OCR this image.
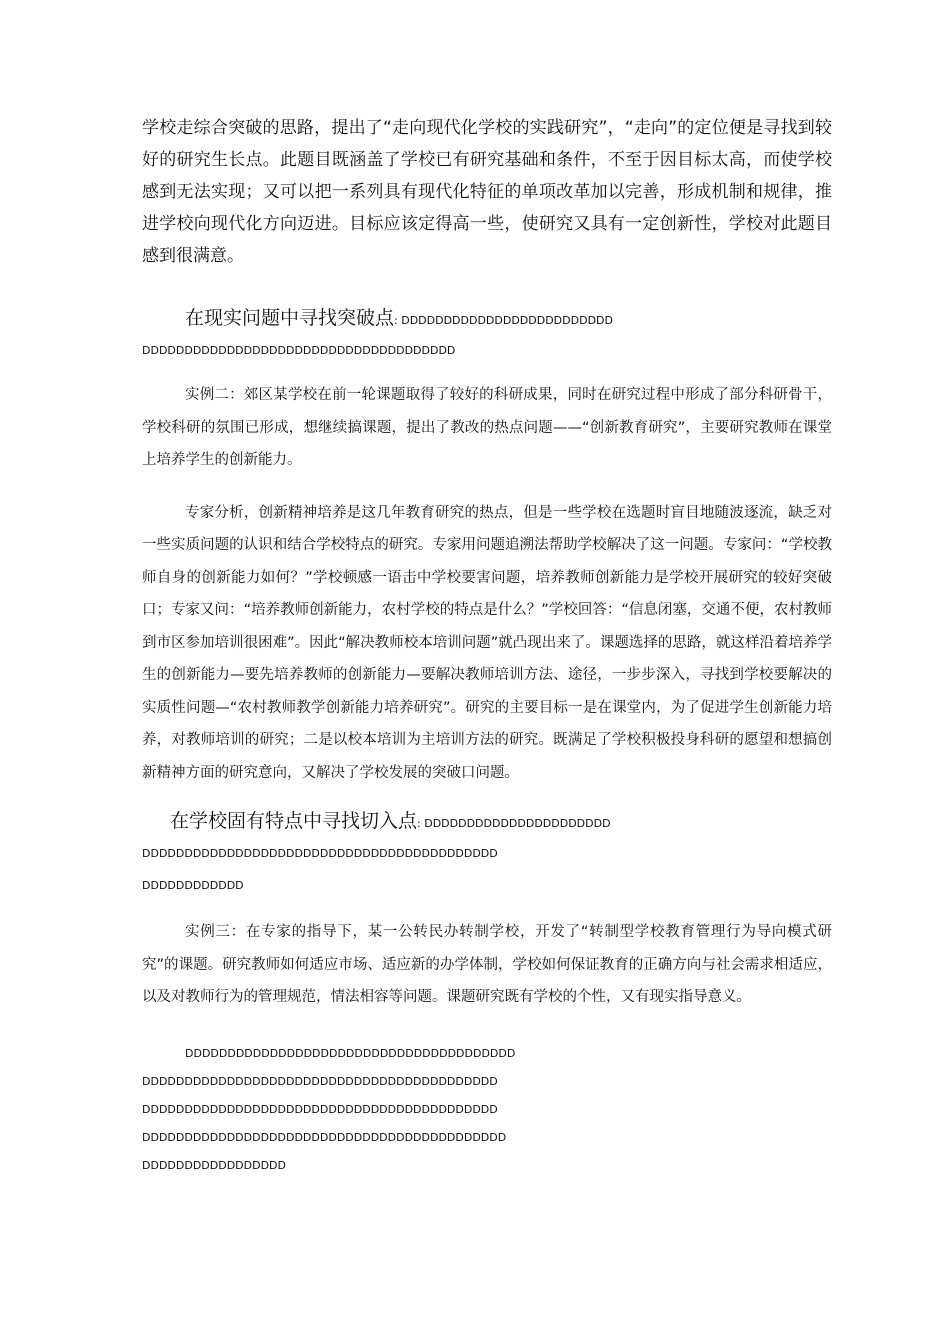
学校走综合突破的思路，提出了“走向现代化学校的实践研究”，“走向”的定位便是寻找到较好的研究生长点。此题目既涵盖了学校已有研究基础和条件，不至于因目标太高，而使学校感到无法实现；又可以把一系列具有现代化特征的单项改革加以完善，形成机制和规律，推进学校向现代化方向迈进。目标应该定得高一些，使研究又具有一定创新性，学校对此题目感到很满意。

在现实问题中寻找突破点: DDDDDDDDDDDDDDDDDDDDDDDDD

DDDDDDDDDDDDDDDDDDDDDDDDDDDDDDDDDDDDD

实例二：郊区某学校在前一轮课题取得了较好的科研成果，同时在研究过程中形成了部分科研骨干，学校科研的氛围已形成，想继续搞课题，提出了教改的热点问题——“创新教育研究”，主要研究教师在课堂上培养学生的创新能力。

专家分析，创新精神培养是这几年教育研究的热点，但是一些学校在选题时盲目地随波逐流，缺乏对一些实质问题的认识和结合学校特点的研究。专家用问题追溯法帮助学校解决了这一问题。专家问：“学校教师自身的创新能力如何？”学校顿感一语击中学校要害问题，培养教师创新能力是学校开展研究的较好突破口；专家又问：“培养教师创新能力，农村学校的特点是什么？”学校回答：“信息闭塞，交通不便，农村教师到市区参加培训很困难”。因此“解决教师校本培训问题”就凸现出来了。课题选择的思路，就这样沿着培养学生的创新能力—要先培养教师的创新能力—要解决教师培训方法、途径，一步步深入，寻找到学校要解决的实质性问题—“农村教师教学创新能力培养研究”。研究的主要目标一是在课堂内，为了促进学生创新能力培养，对教师培训的研究；二是以校本培训为主培训方法的研究。既满足了学校积极投身科研的愿望和想搞创新精神方面的研究意向，又解决了学校发展的突破口问题。

在学校固有特点中寻找切入点: DDDDDDDDDDDDDDDDDDDDDD

DDDDDDDDDDDDDDDDDDDDDDDDDDDDDDDDDDDDDDDDDD

DDDDDDDDDDDD

实例三：在专家的指导下，某一公转民办转制学校，开发了“转制型学校教育管理行为导向模式研究”的课题。研究教师如何适应市场、适应新的办学体制，学校如何保证教育的正确方向与社会需求相适应，以及对教师行为的管理规范，情法相容等问题。课题研究既有学校的个性，又有现实指导意义。

DDDDDDDDDDDDDDDDDDDDDDDDDDDDDDDDDDDDDDD

DDDDDDDDDDDDDDDDDDDDDDDDDDDDDDDDDDDDDDDDDD

DDDDDDDDDDDDDDDDDDDDDDDDDDDDDDDDDDDDDDDDDD

DDDDDDDDDDDDDDDDDDDDDDDDDDDDDDDDDDDDDDDDDDD

DDDDDDDDDDDDDDDDD
